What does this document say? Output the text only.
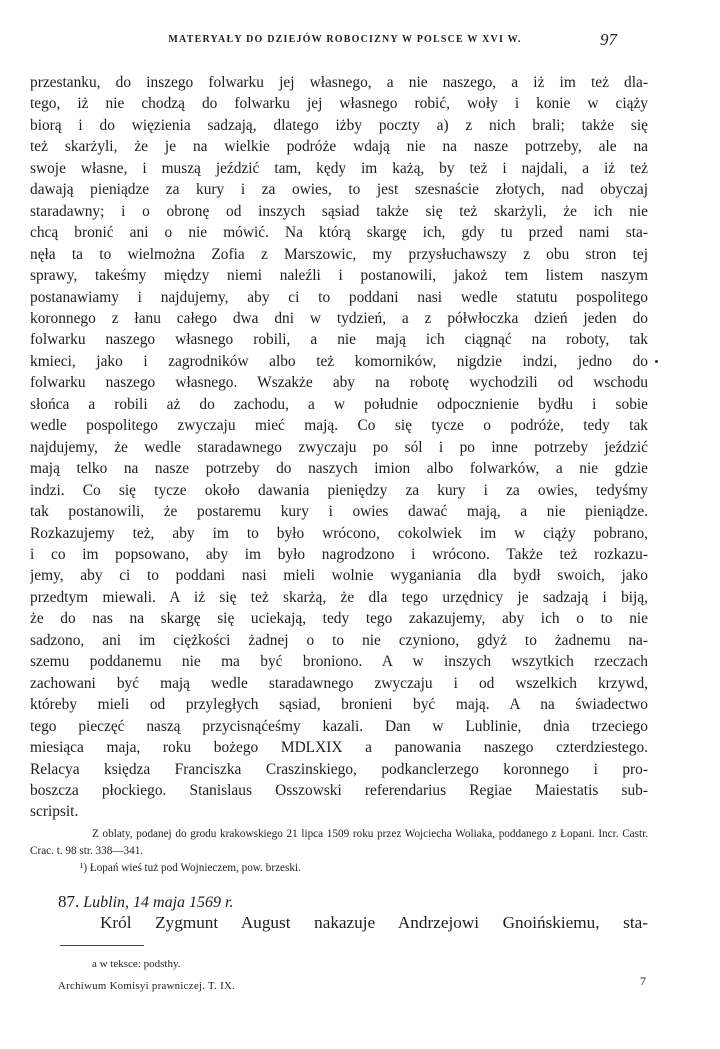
MATERYAŁY DO DZIEJÓW ROBOCIZNY W POLSCE W XVI W.	97
przestanku, do inszego folwarku jej własnego, a nie naszego, a iż im też dla-
tego, iż nie chodzą do folwarku jej własnego robić, woły i konie w ciąży
biorą i do więzienia sadzają, dlatego iżby poczty a) z nich brali; także się
też skarżyli, że je na wielkie podróże wdają nie na nasze potrzeby, ale na
swoje własne, i muszą jeździć tam, kędy im każą, by też i najdali, a iż też
dawają pieniądze za kury i za owies, to jest szesnaście złotych, nad obyczaj
staradawny; i o obronę od inszych sąsiad także się też skarżyli, że ich nie
chcą bronić ani o nie mówić. Na którą skargę ich, gdy tu przed nami sta-
nęła ta to wielmożna Zofia z Marszowic, my przysłuchawszy z obu stron tej
sprawy, takeśmy między niemi naleźli i postanowili, jakoż tem listem naszym
postanawiamy i najdujemy, aby ci to poddani nasi wedle statutu pospolitego
koronnego z łanu całego dwa dni w tydzień, a z półwłoczka dzień jeden do
folwarku naszego własnego robili, a nie mają ich ciągnąć na roboty, tak
kmieci, jako i zagrodników albo też komorników, nigdzie indzi, jedno do
folwarku naszego własnego. Wszakże aby na robotę wychodzili od wschodu
słońca a robili aż do zachodu, a w południe odpocznienie bydłu i sobie
wedle pospolitego zwyczaju mieć mają. Co się tycze o podróże, tedy tak
najdujemy, że wedle staradawnego zwyczaju po sól i po inne potrzeby jeździć
mają telko na nasze potrzeby do naszych imion albo folwarków, a nie gdzie
indzi. Co się tycze około dawania pieniędzy za kury i za owies, tedyśmy
tak postanowili, że postaremu kury i owies dawać mają, a nie pieniądze.
Rozkazujemy też, aby im to było wrócono, cokolwiek im w ciąży pobrano,
i co im popsowano, aby im było nagrodzono i wrócono. Także też rozkazu-
jemy, aby ci to poddani nasi mieli wolnie wyganiania dla bydł swoich, jako
przedtym miewali. A iż się też skarżą, że dla tego urzędnicy je sadzają i biją,
że do nas na skargę się uciekają, tedy tego zakazujemy, aby ich o to nie
sadzono, ani im ciężkości żadnej o to nie czyniono, gdyż to żadnemu na-
szemu poddanemu nie ma być broniono. A w inszych wszytkich rzeczach
zachowani być mają wedle staradawnego zwyczaju i od wszelkich krzywd,
któreby mieli od przyległych sąsiad, bronieni być mają. A na świadectwo
tego pieczęć naszą przycisnąćeśmy kazali. Dan w Lublinie, dnia trzeciego
miesiąca maja, roku bożego MDLXIX a panowania naszego czterdziestego.
Relacya księdza Franciszka Craszinskiego, podkanclerzego koronnego i pro-
boszcza płockiego. Stanislaus Osszowski referendarius Regiae Maiestatis sub-
scripsit.
Z oblaty, podanej do grodu krakowskiego 21 lipca 1509 roku przez Wojciecha Woliaka, poddanego z Łopani. Incr. Castr. Crac. t. 98 str. 338—341.
¹) Łopań wieś tuż pod Wojnieczem, pow. brzeski.
87. Lublin, 14 maja 1569 r.
Król Zygmunt August nakazuje Andrzejowi Gnoińskiemu, sta-
a w teksce: podsthy.
Archiwum Komisyi prawniczej. T. IX.	7
